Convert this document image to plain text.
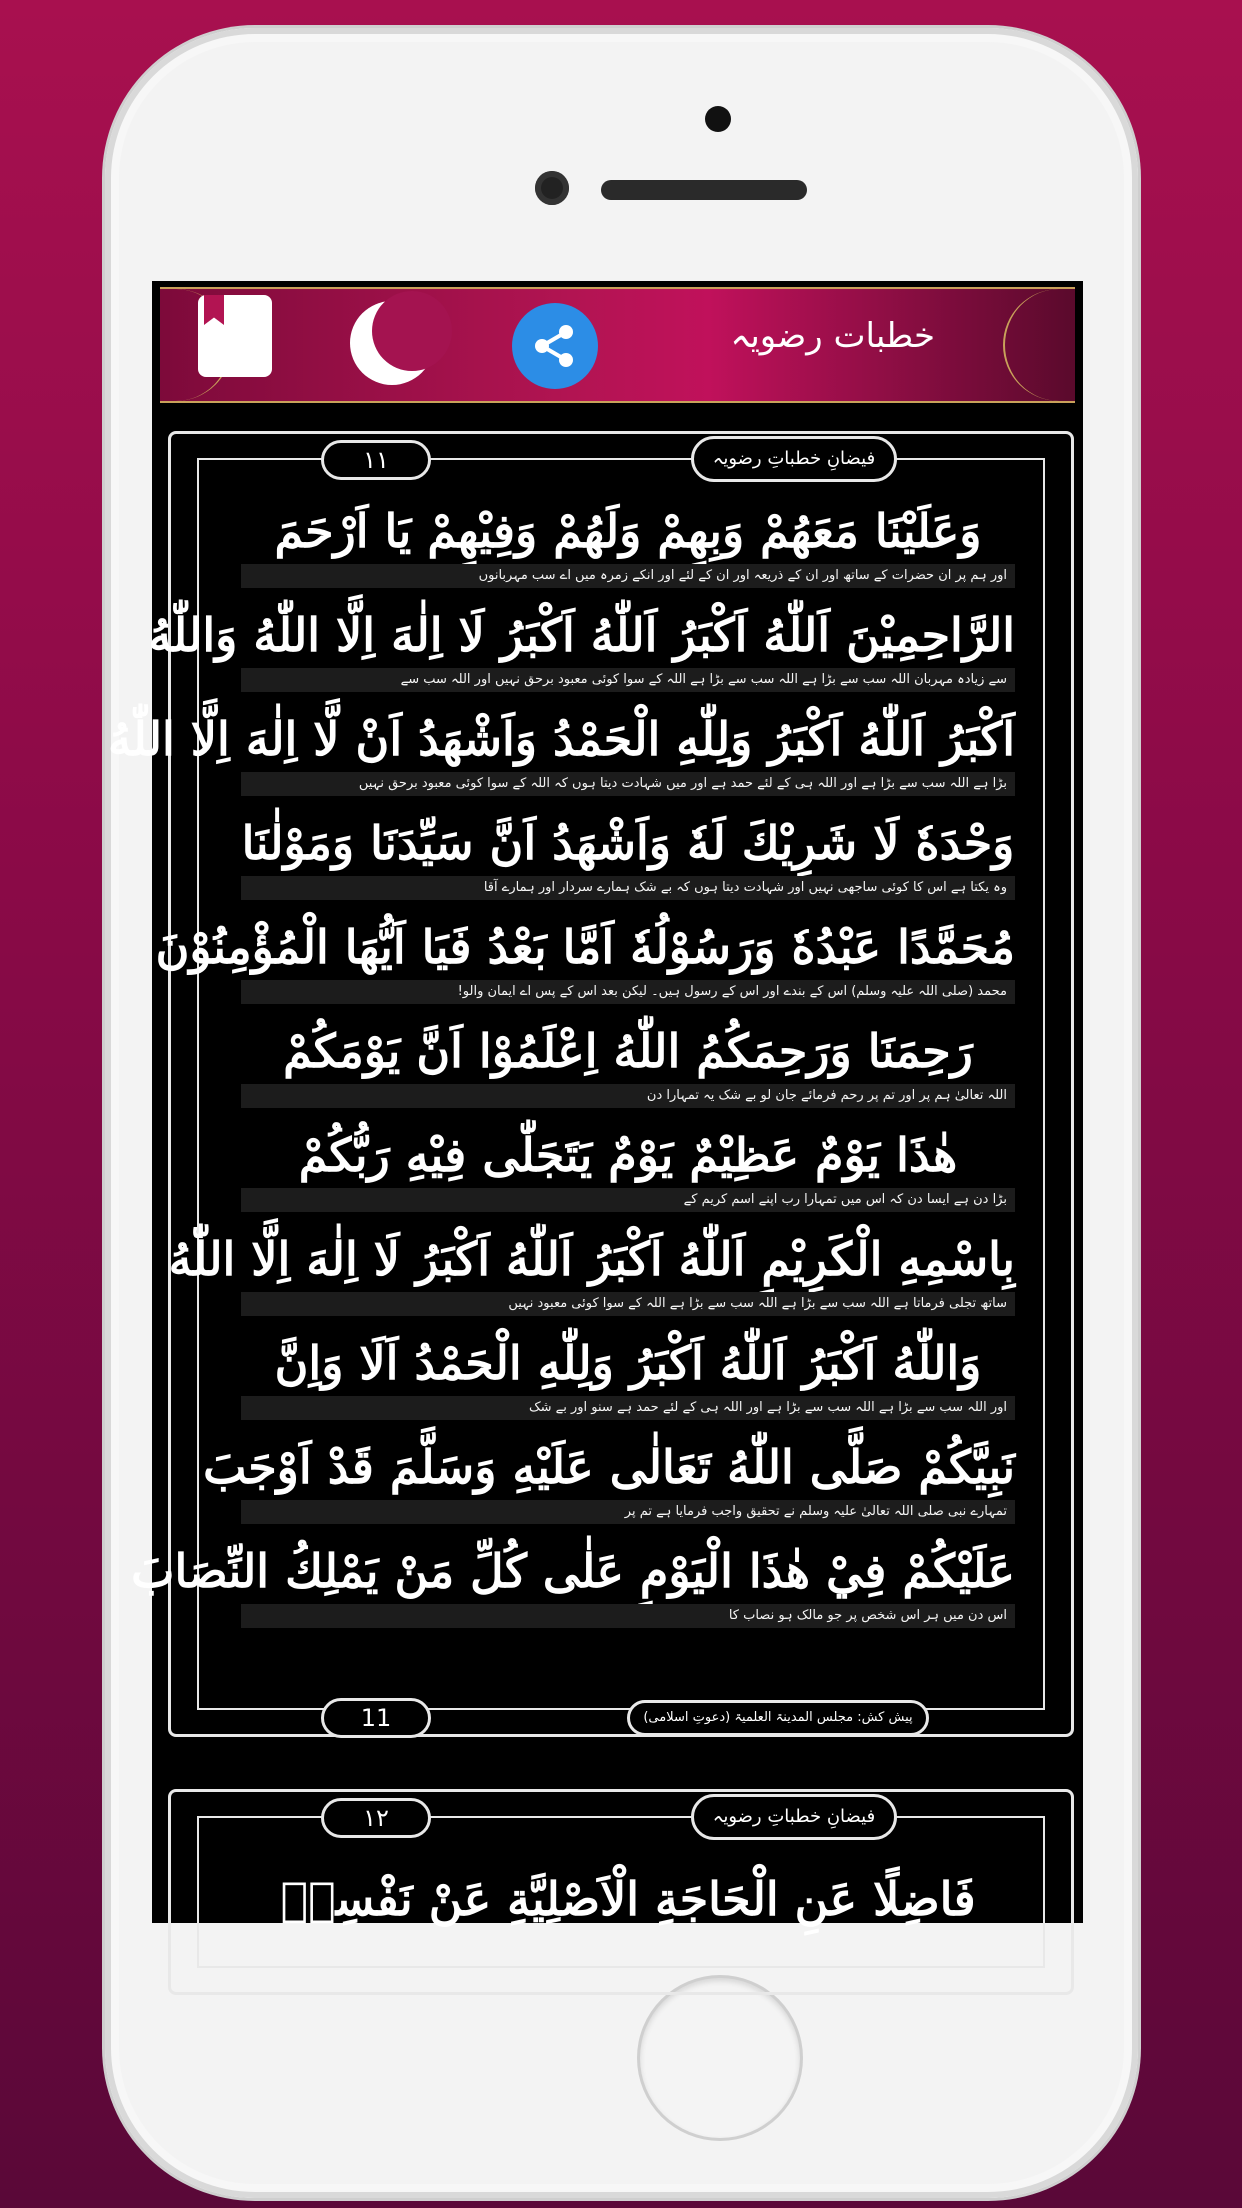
خطبات رضویہ
۱۱	فیضانِ خطباتِ رضویہ
وَعَلَيْنَا مَعَهُمْ وَبِهِمْ وَلَهُمْ وَفِيْهِمْ يَا اَرْحَمَ
اور ہم پر ان حضرات کے ساتھ اور ان کے ذریعہ اور ان کے لئے اور انکے زمرہ میں اے سب مہربانوں
الرَّاحِمِيْنَ اَللّٰهُ اَكْبَرُ اَللّٰهُ اَكْبَرُ لَا اِلٰهَ اِلَّا اللّٰهُ وَاللّٰهُ
سے زیادہ مہربان اللہ سب سے بڑا ہے اللہ سب سے بڑا ہے اللہ کے سوا کوئی معبود برحق نہیں اور اللہ سب سے
اَكْبَرُ اَللّٰهُ اَكْبَرُ وَلِلّٰهِ الْحَمْدُ وَاَشْهَدُ اَنْ لَّا اِلٰهَ اِلَّا اللّٰهُ
بڑا ہے اللہ سب سے بڑا ہے اور اللہ ہی کے لئے حمد ہے اور میں شہادت دیتا ہوں کہ اللہ کے سوا کوئی معبود برحق نہیں
وَحْدَهٗ لَا شَرِيْكَ لَهٗ وَاَشْهَدُ اَنَّ سَيِّدَنَا وَمَوْلٰنَا
وہ یکتا ہے اس کا کوئی ساجھی نہیں اور شہادت دیتا ہوں کہ بے شک ہمارے سردار اور ہمارے آقا
مُحَمَّدًا عَبْدُهٗ وَرَسُوْلُهٗ اَمَّا بَعْدُ فَيَا اَيُّهَا الْمُؤْمِنُوْنَ
محمد (صلی اللہ علیہ وسلم) اس کے بندے اور اس کے رسول ہیں۔ لیکن بعد اس کے پس اے ایمان والو!
رَحِمَنَا وَرَحِمَكُمُ اللّٰهُ اِعْلَمُوْا اَنَّ يَوْمَكُمْ
اللہ تعالیٰ ہم پر اور تم پر رحم فرمائے جان لو بے شک یہ تمہارا دن
هٰذَا يَوْمٌ عَظِيْمٌ يَوْمٌ يَتَجَلّٰى فِيْهِ رَبُّكُمْ
بڑا دن ہے ایسا دن کہ اس میں تمہارا رب اپنے اسم کریم کے
بِاسْمِهِ الْكَرِيْمِ اَللّٰهُ اَكْبَرُ اَللّٰهُ اَكْبَرُ لَا اِلٰهَ اِلَّا اللّٰهُ
ساتھ تجلی فرماتا ہے اللہ سب سے بڑا ہے اللہ سب سے بڑا ہے اللہ کے سوا کوئی معبود نہیں
وَاللّٰهُ اَكْبَرُ اَللّٰهُ اَكْبَرُ وَلِلّٰهِ الْحَمْدُ اَلَا وَاِنَّ
اور اللہ سب سے بڑا ہے اللہ سب سے بڑا ہے اور اللہ ہی کے لئے حمد ہے سنو اور بے شک
نَبِيَّكُمْ صَلَّى اللّٰهُ تَعَالٰى عَلَيْهِ وَسَلَّمَ قَدْ اَوْجَبَ
تمہارے نبی صلی اللہ تعالیٰ علیہ وسلم نے تحقیق واجب فرمایا ہے تم پر
عَلَيْكُمْ فِيْ هٰذَا الْيَوْمِ عَلٰى كُلِّ مَنْ يَمْلِكُ النِّصَابَ
اس دن میں ہر اس شخص پر جو مالک ہو نصاب کا
11	پیش کش: مجلس المدینۃ العلمیۃ (دعوتِ اسلامی)
۱۲	فیضانِ خطباتِ رضویہ
فَاضِلًا عَنِ الْحَاجَةِ الْاَصْلِيَّةِ عَنْ نَفْسِهٖ
